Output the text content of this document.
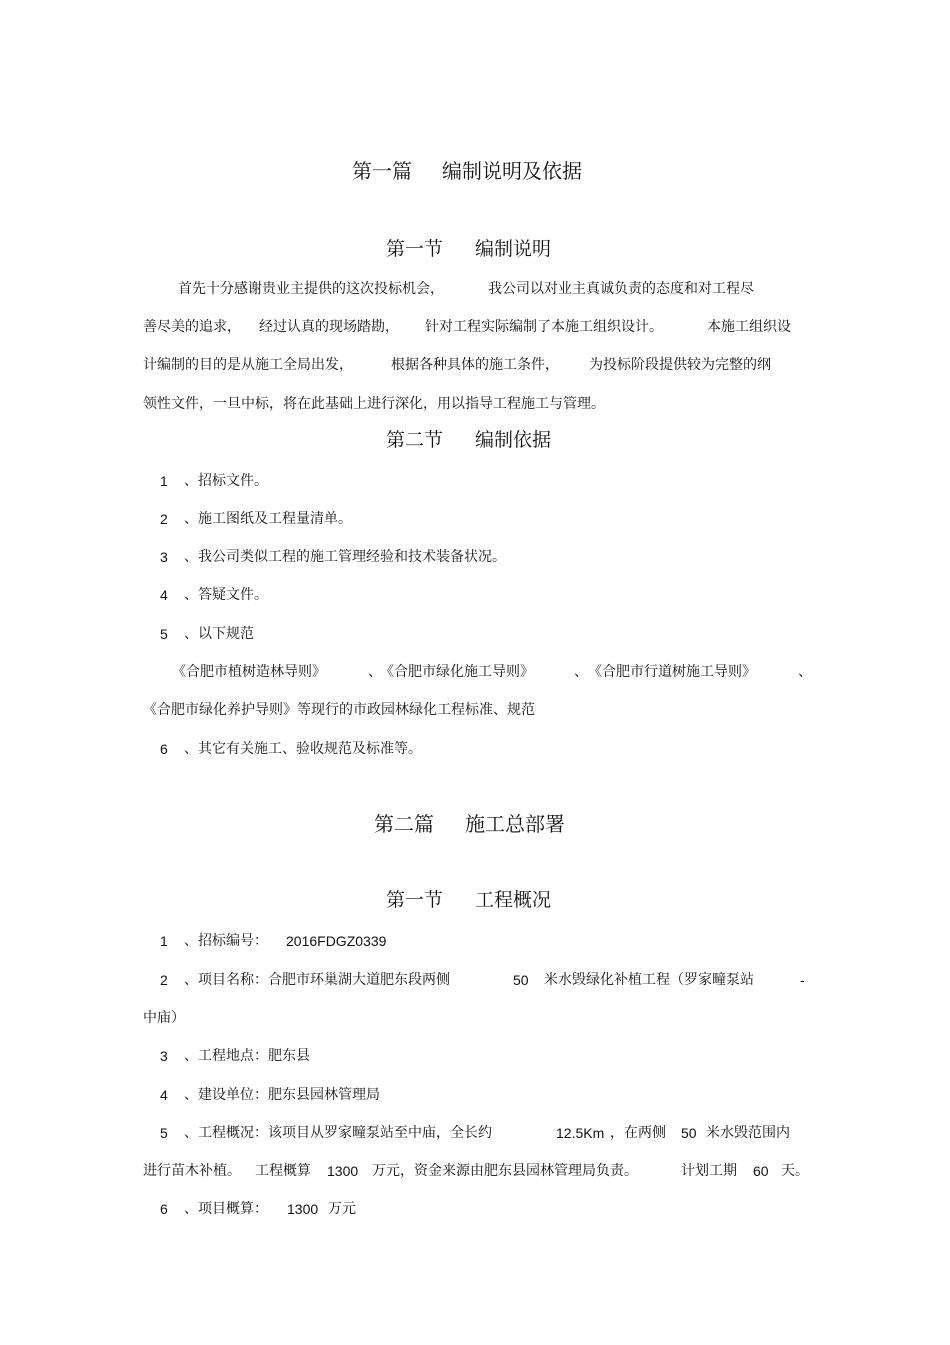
第一篇 编制说明及依据
第一节 编制说明
首先十分感谢贵业主提供的这次投标机会，	我公司以对业主真诚负责的态度和对工程尽
善尽美的追求， 经过认真的现场踏勘， 针对工程实际编制了本施工组织设计。	本施工组织设
计编制的目的是从施工全局出发，	根据各种具体的施工条件， 为投标阶段提供较为完整的纲
领性文件，一旦中标，将在此基础上进行深化，用以指导工程施工与管理。
第二节 编制依据
1 、招标文件。
2 、施工图纸及工程量清单。
3 、我公司类似工程的施工管理经验和技术装备状况。
4 、答疑文件。
5 、以下规范
《合肥市植树造林导则》	、
《合肥市绿化施工导则》	、 《合肥市行道树施工导则》	、
《合肥市绿化养护导则》等现行的市政园林绿化工程标准、规范
6 、其它有关施工、验收规范及标准等。
第二篇 施工总部署
第一节 工程概况
1 、招标编号： 2016FDGZ0339
2 、项目名称：合肥市环巢湖大道肥东段两侧	50 米水毁绿化补植工程（罗家疃泵站	-
中庙）
3 、工程地点：肥东县
4 、建设单位：肥东县园林管理局
5 、工程概况：该项目从罗家疃泵站至中庙，全长约	12.5Km ，在两侧 50 米水毁范围内
进行苗木补植。 工程概算 1300 万元，资金来源由肥东县园林管理局负责。	计划工期 60 天。
6 、项目概算： 1300 万元
